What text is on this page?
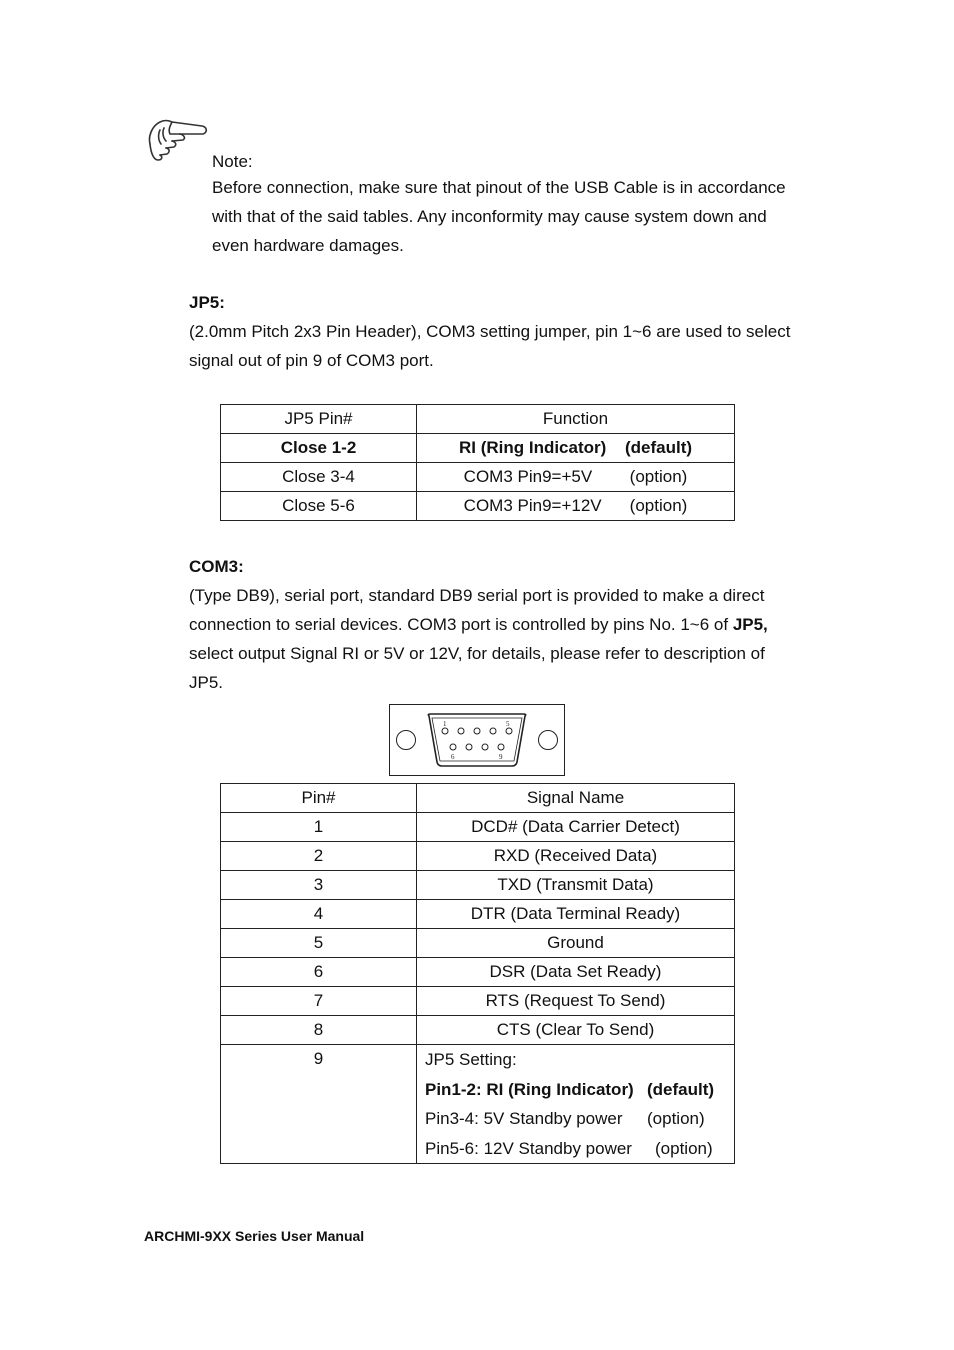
Note:
Before connection, make sure that pinout of the USB Cable is in accordance
with that of the said tables. Any inconformity may cause system down and
even hardware damages.
JP5:
(2.0mm Pitch 2x3 Pin Header), COM3 setting jumper, pin 1~6 are used to select
signal out of pin 9 of COM3 port.
JP5 Pin#	Function
Close 1-2	RI (Ring Indicator) (default)
Close 3-4	COM3 Pin9=+5V (option)
Close 5-6	COM3 Pin9=+12V (option)
COM3:
(Type DB9), serial port, standard DB9 serial port is provided to make a direct
connection to serial devices. COM3 port is controlled by pins No. 1~6 of JP5,
select output Signal RI or 5V or 12V, for details, please refer to description of
JP5.
1	5
6	9
Pin#	Signal Name
1	DCD# (Data Carrier Detect)
2	RXD (Received Data)
3	TXD (Transmit Data)
4	DTR (Data Terminal Ready)
5	Ground
6	DSR (Data Set Ready)
7	RTS (Request To Send)
8	CTS (Clear To Send)
9	JP5 Setting:
Pin1-2: RI (Ring Indicator) (default)
Pin3-4: 5V Standby power (option)
Pin5-6: 12V Standby power (option)
ARCHMI-9XX Series User Manual
